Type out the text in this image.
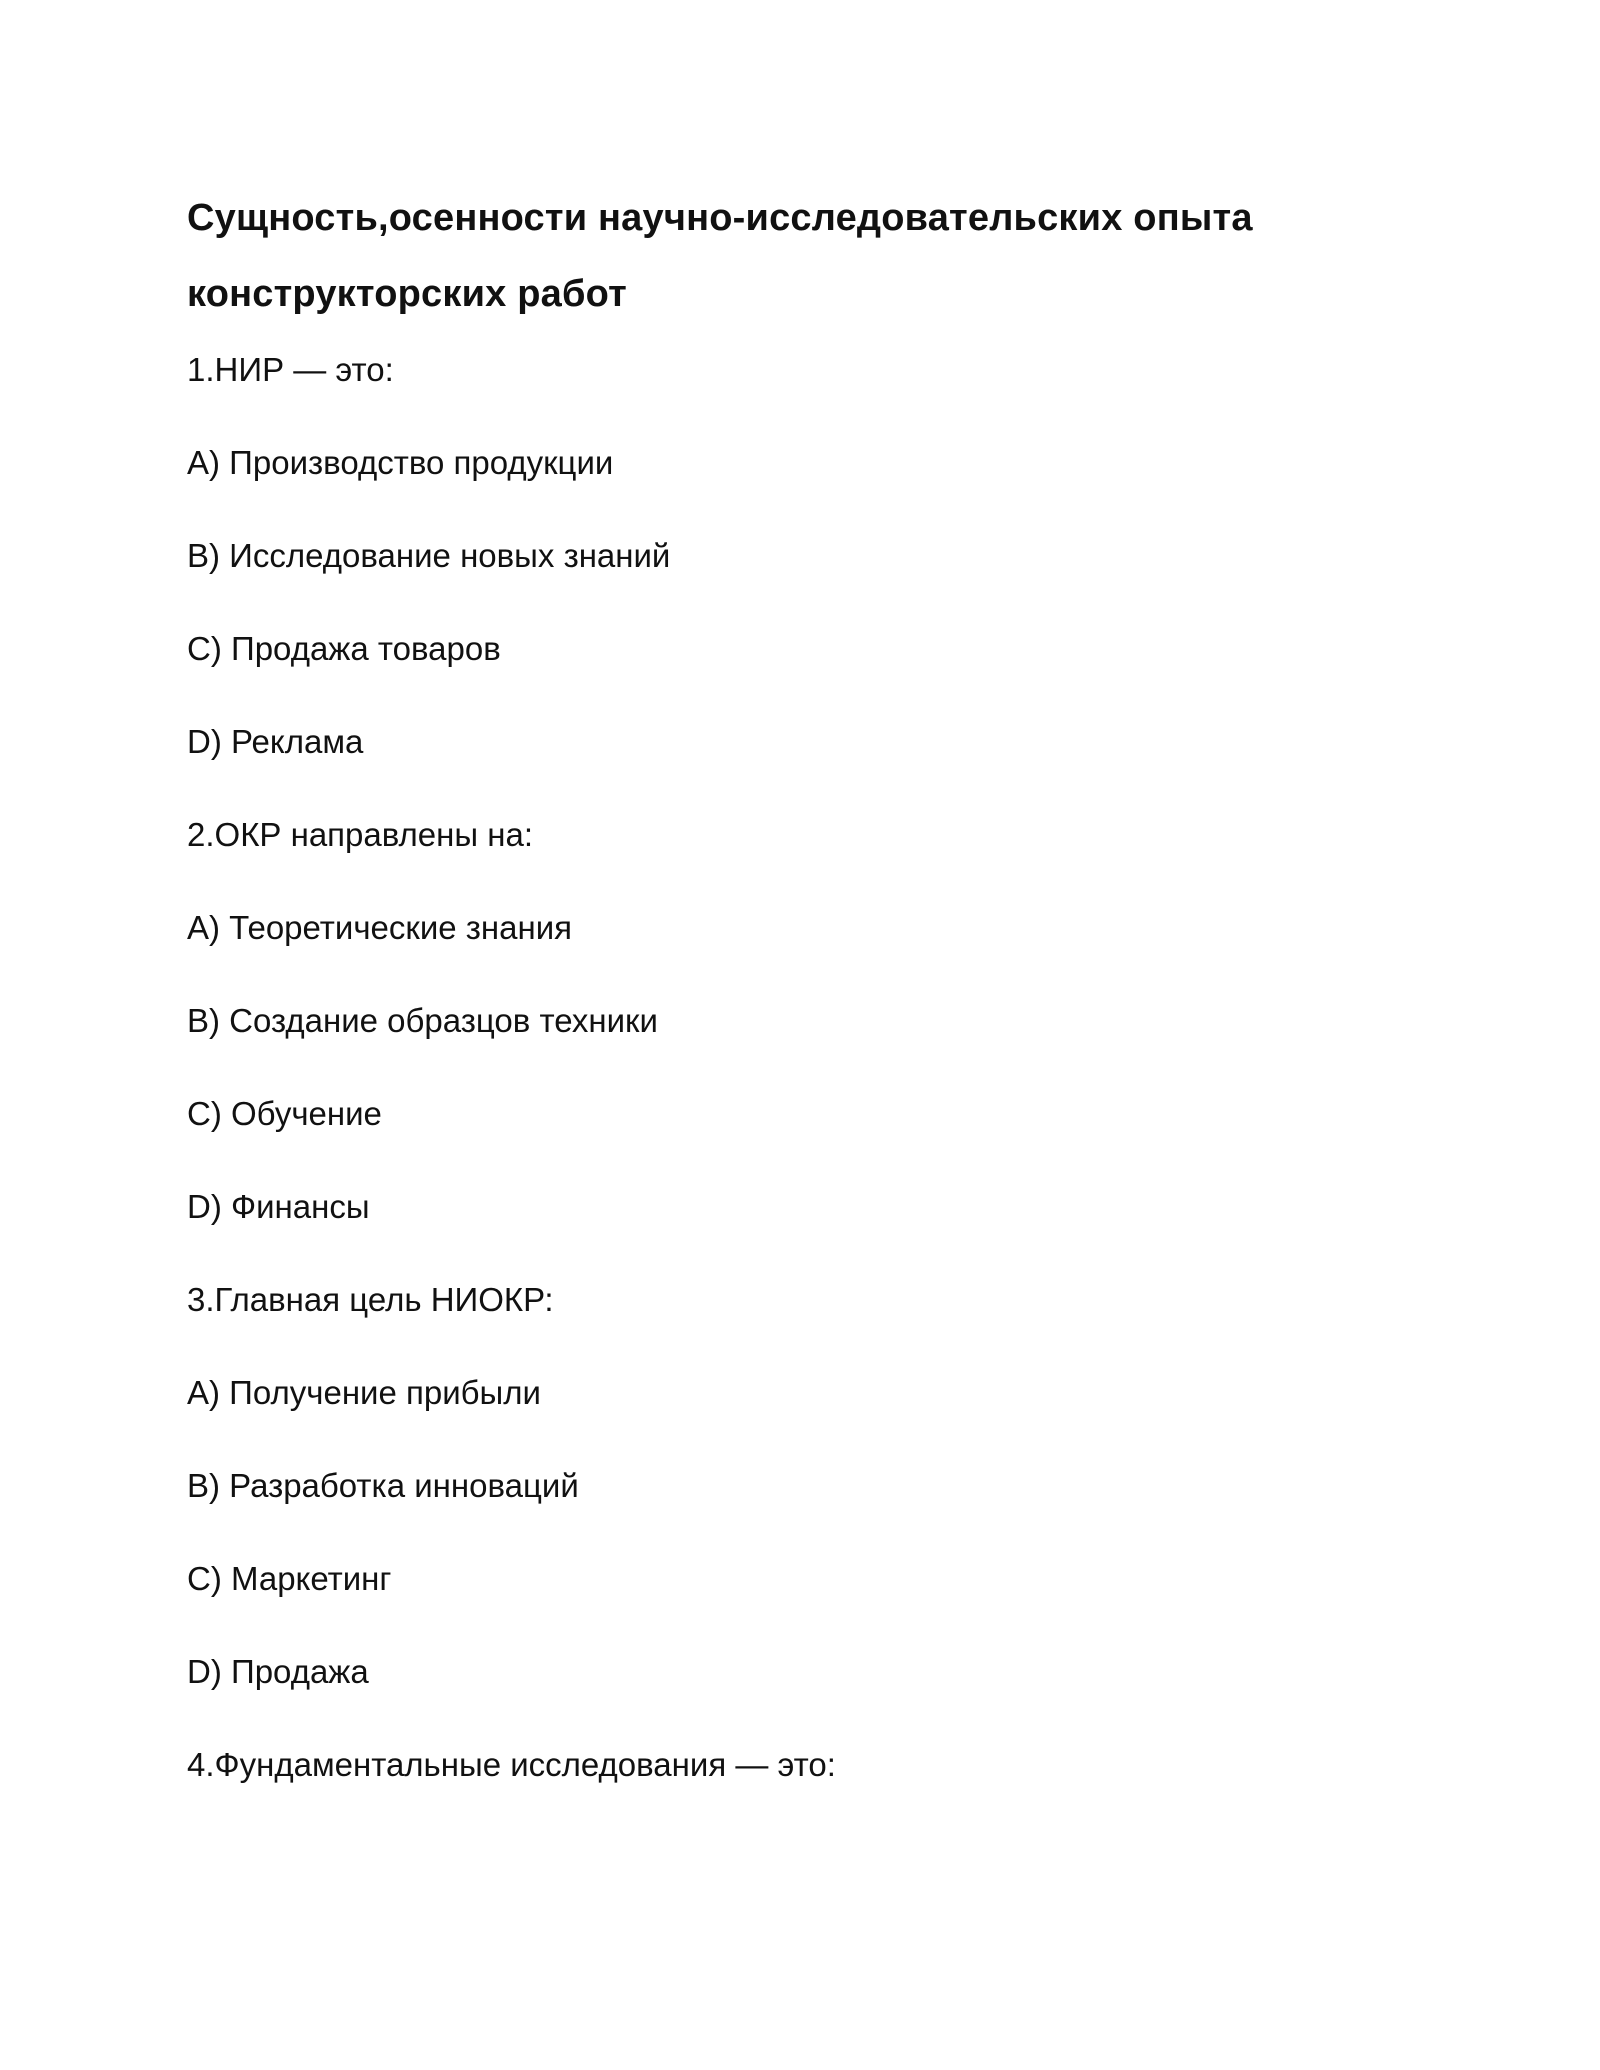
Сущность,осенности научно-исследовательских опыта
конструкторских работ
1.НИР — это:
A) Производство продукции
B) Исследование новых знаний
C) Продажа товаров
D) Реклама
2.ОКР направлены на:
A) Теоретические знания
B) Создание образцов техники
C) Обучение
D) Финансы
3.Главная цель НИОКР:
A) Получение прибыли
B) Разработка инноваций
C) Маркетинг
D) Продажа
4.Фундаментальные исследования — это:
